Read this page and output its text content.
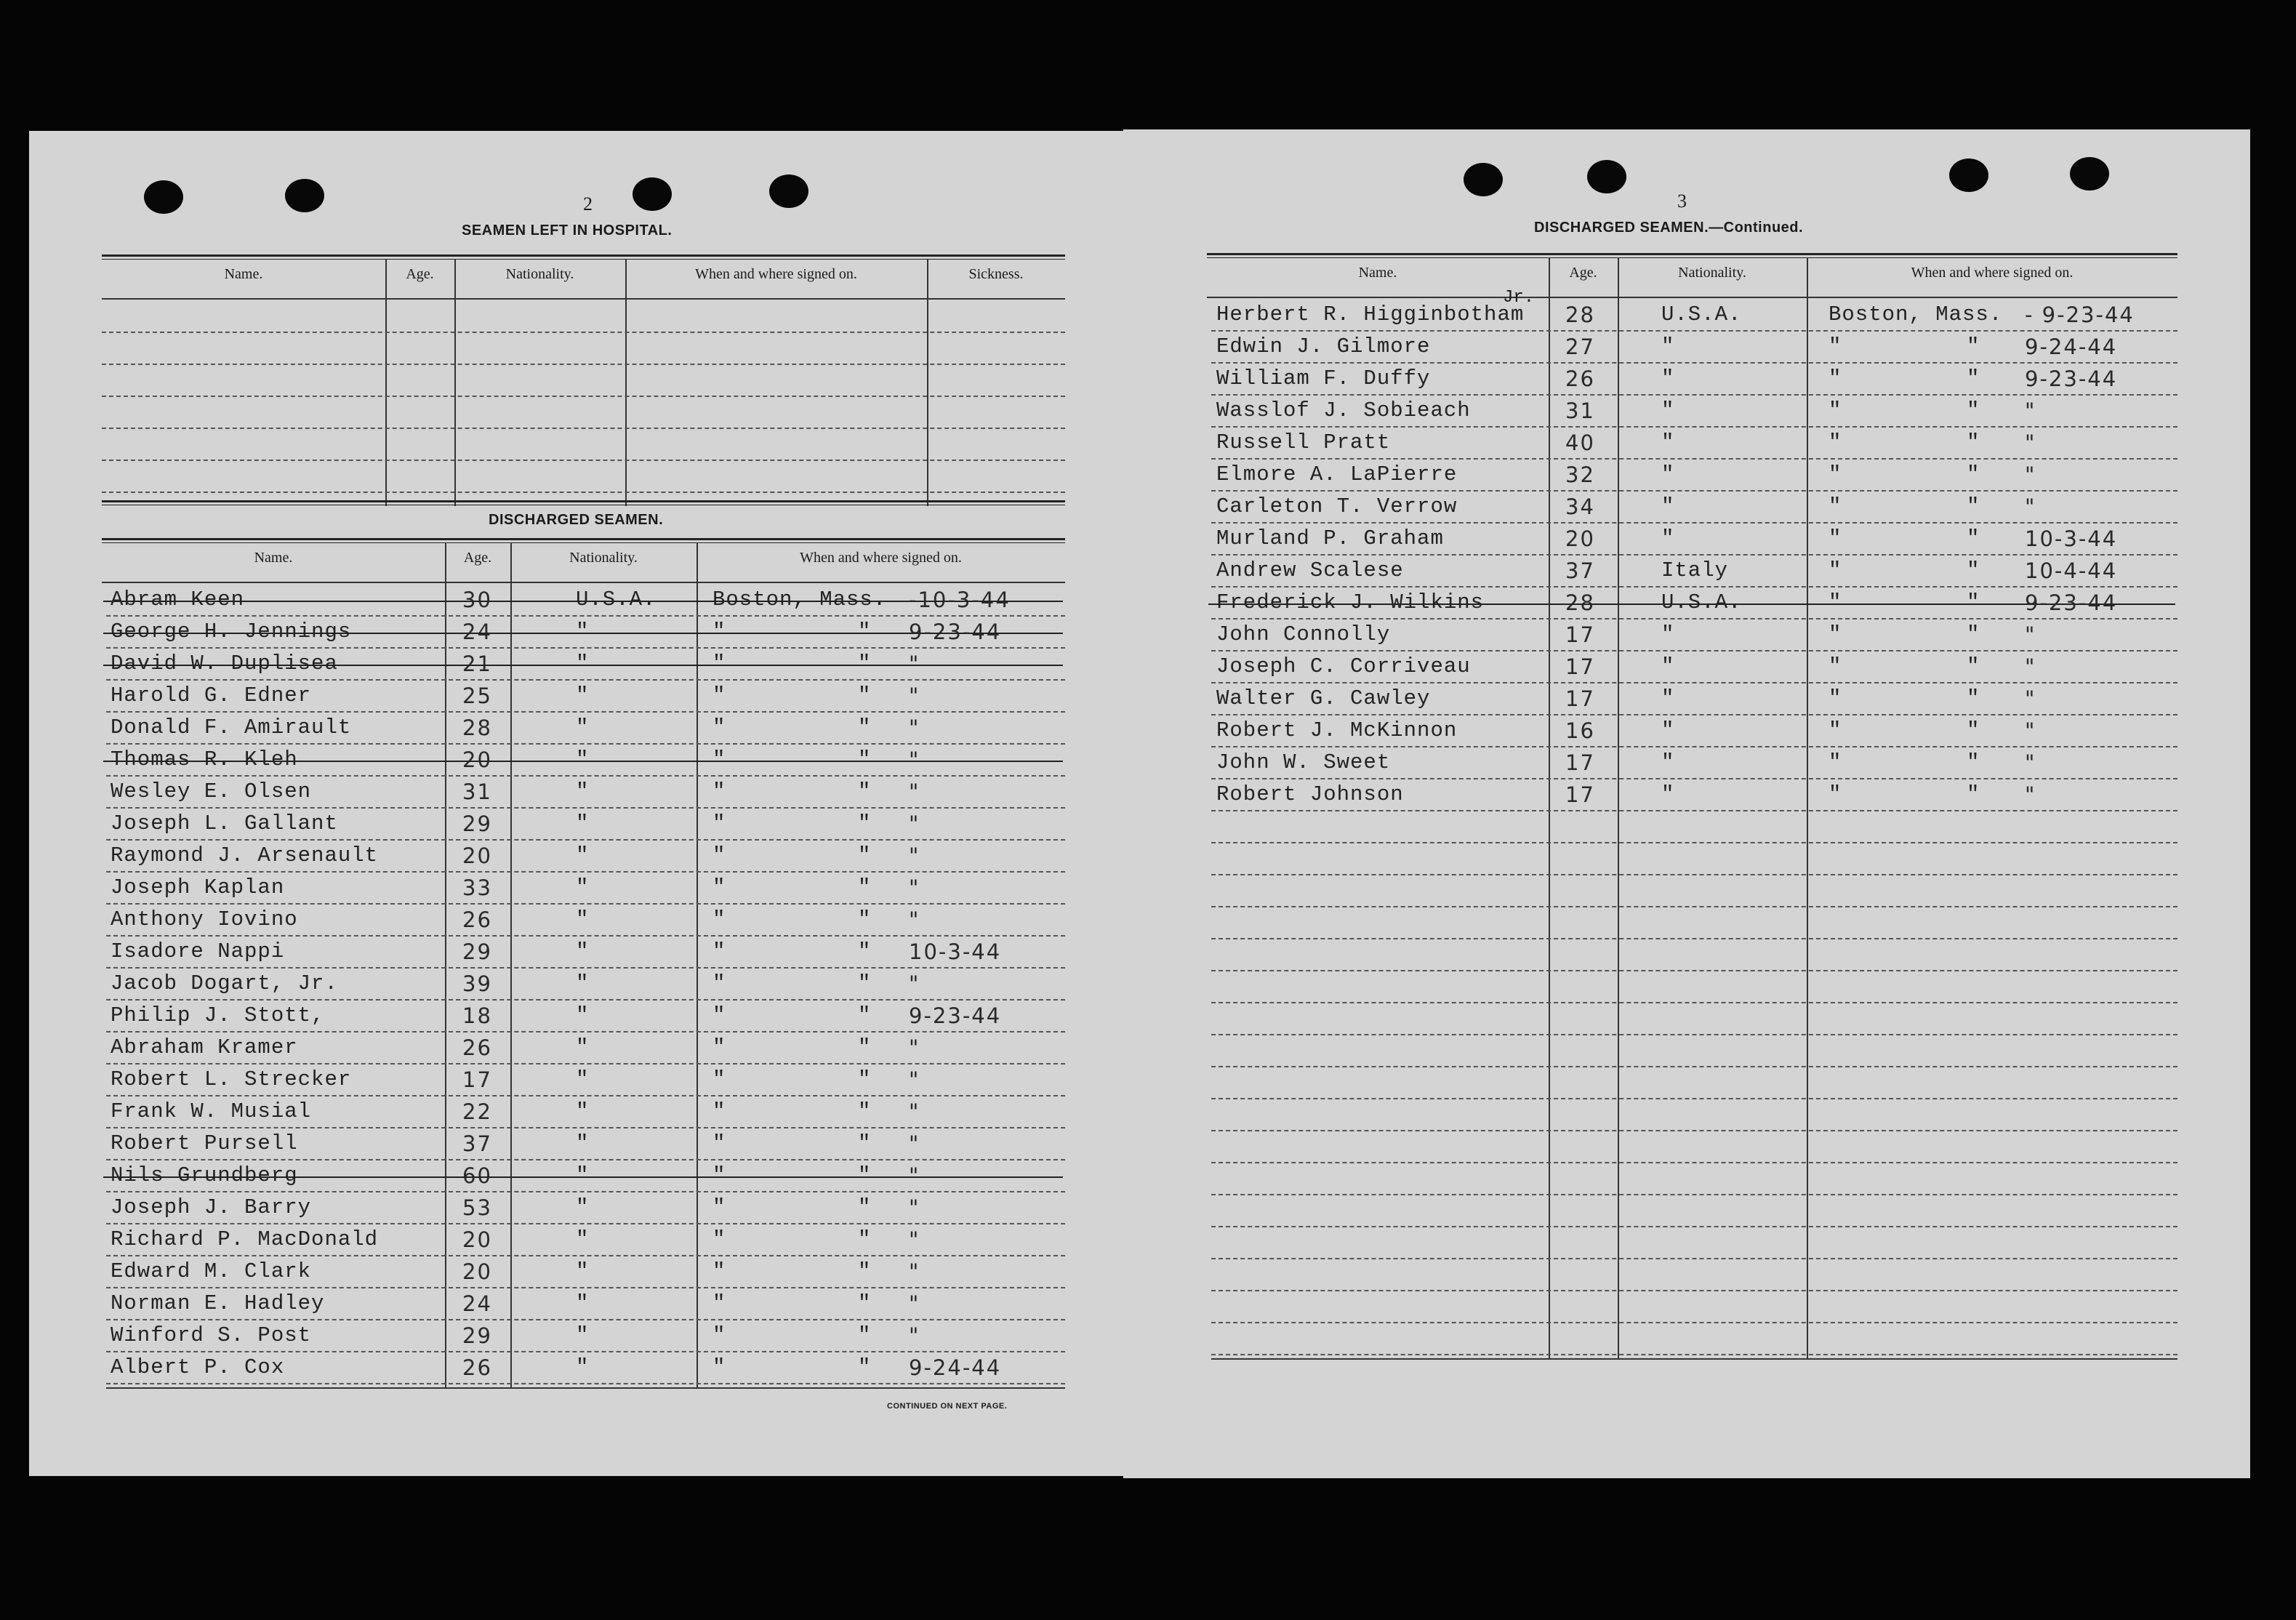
2
SEAMEN LEFT IN HOSPITAL.
Name.	Age.	Nationality.	When and where signed on.	Sickness.
DISCHARGED SEAMEN.
Name.	Age.	Nationality.	When and where signed on.
Abram Keen	30	U.S.A.	Boston, Mass. -10-3-44
George H. Jennings	24	"	"	" 9-23-44
David W. Duplisea	21	"	"	" "
Harold G. Edner	25	"	"	" "
Donald F. Amirault	28	"	"	" "
Thomas R. Kleh	20	"	"	" "
Wesley E. Olsen	31	"	"	" "
Joseph L. Gallant	29	"	"	" "
Raymond J. Arsenault	20	"	"	" "
Joseph Kaplan	33	"	"	" "
Anthony Iovino	26	"	"	" "
Isadore Nappi	29	"	"	" 10-3-44
Jacob Dogart, Jr.	39	"	"	" "
Philip J. Stott,	18	"	"	" 9-23-44
Abraham Kramer	26	"	"	" "
Robert L. Strecker	17	"	"	" "
Frank W. Musial	22	"	"	" "
Robert Pursell	37	"	"	" "
Nils Grundberg	60	"	"	" "
Joseph J. Barry	53	"	"	" "
Richard P. MacDonald	20	"	"	" "
Edward M. Clark	20	"	"	" "
Norman E. Hadley	24	"	"	" "
Winford S. Post	29	"	"	" "
Albert P. Cox	26	"	"	" 9-24-44
CONTINUED ON NEXT PAGE.
3
DISCHARGED SEAMEN.—Continued.
Name.	Age.	Nationality.	When and where signed on.
Herbert R. Higginbotham 28	U.S.A.	Boston, Mass. - 9-23-44
Edwin J. Gilmore	27	"	"	" 9-24-44
William F. Duffy	26	"	"	" 9-23-44
Wasslof J. Sobieach	31	"	"	" "
Russell Pratt	40	"	"	" "
Elmore A. LaPierre	32	"	"	" "
Carleton T. Verrow	34	"	"	" "
Murland P. Graham	20	"	"	" 10-3-44
Andrew Scalese	37	Italy	"	" 10-4-44
Frederick J. Wilkins	28	U.S.A.	"	" 9-23-44
John Connolly	17	"	"	" "
Joseph C. Corriveau	17	"	"	" "
Walter G. Cawley	17	"	"	" "
Robert J. McKinnon	16	"	"	" "
John W. Sweet	17	"	"	" "
Robert Johnson	17	"	"	" "
Jr.
